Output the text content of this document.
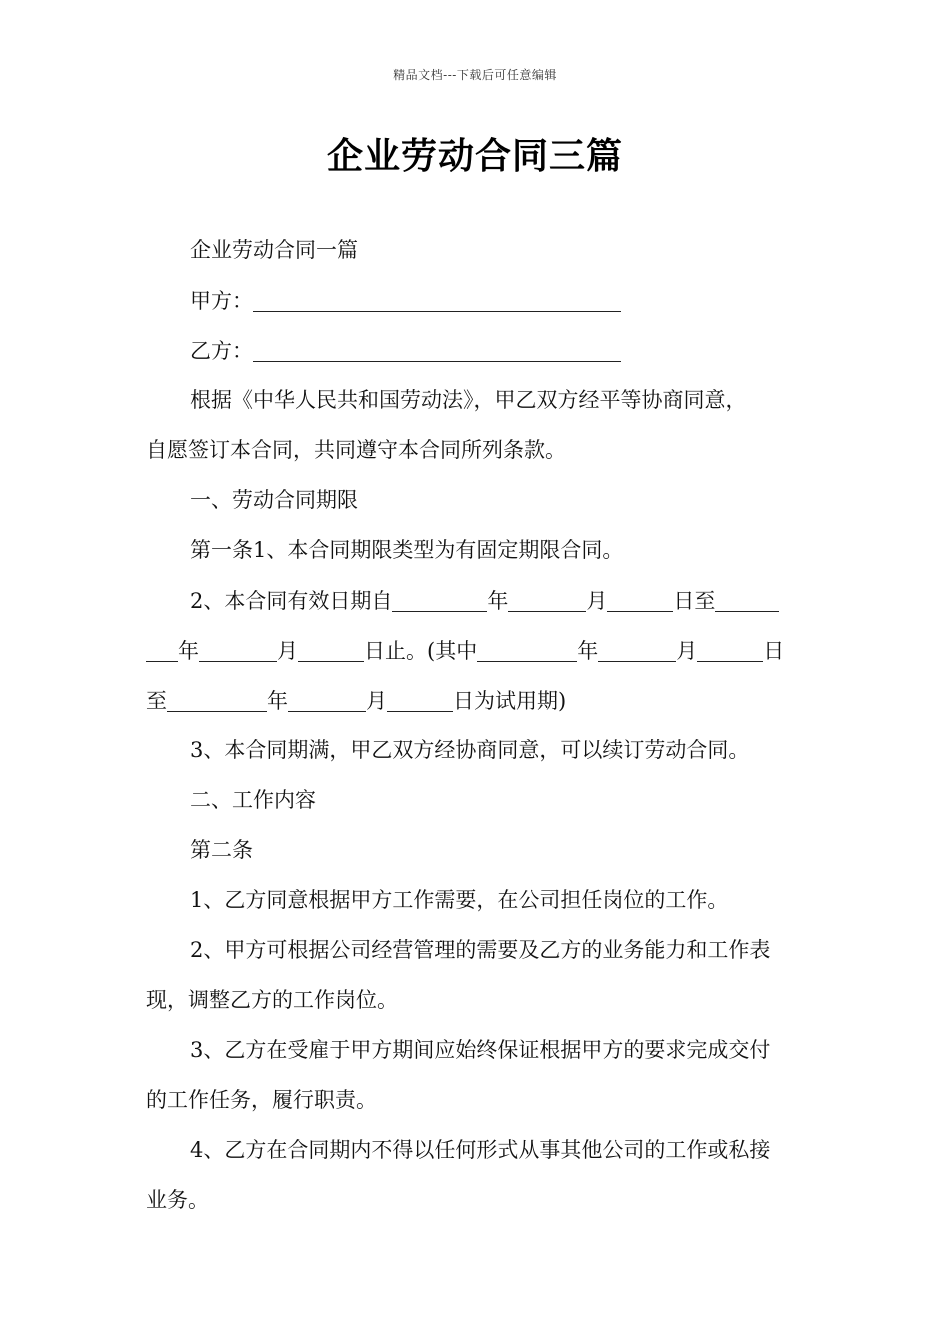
精品文档---下载后可任意编辑
企业劳动合同三篇
企业劳动合同一篇
甲方：
乙方：
根据《中华人民共和国劳动法》，甲乙双方经平等协商同意，
自愿签订本合同，共同遵守本合同所列条款。
一、劳动合同期限
第一条1、本合同期限类型为有固定期限合同。
2、本合同有效日期自	年	月	日至
年	月	日止。(其中	年	月	日
至	年	月	日为试用期)
3、本合同期满，甲乙双方经协商同意，可以续订劳动合同。
二、工作内容
第二条
1、乙方同意根据甲方工作需要，在公司担任岗位的工作。
2、甲方可根据公司经营管理的需要及乙方的业务能力和工作表
现，调整乙方的工作岗位。
3、乙方在受雇于甲方期间应始终保证根据甲方的要求完成交付
的工作任务，履行职责。
4、乙方在合同期内不得以任何形式从事其他公司的工作或私接
业务。
